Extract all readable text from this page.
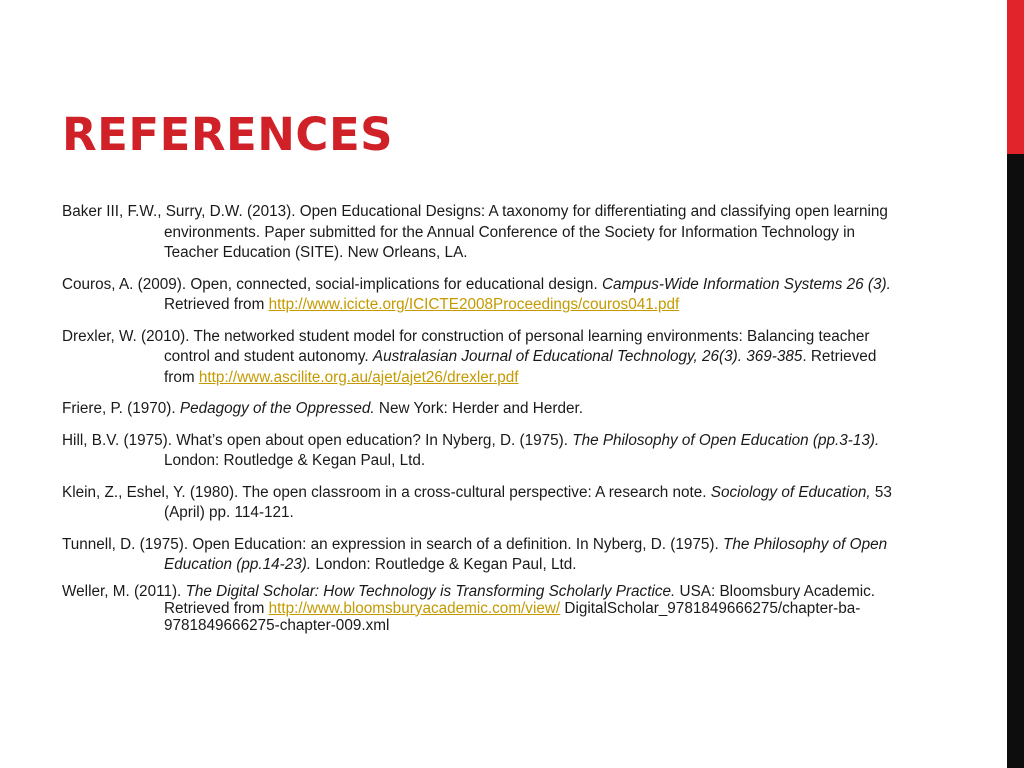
REFERENCES

Baker III, F.W., Surry, D.W. (2013). Open Educational Designs: A taxonomy for differentiating and classifying open learning environments. Paper submitted for the Annual Conference of the Society for Information Technology in Teacher Education (SITE). New Orleans, LA.

Couros, A. (2009). Open, connected, social-implications for educational design. Campus-Wide Information Systems 26 (3). Retrieved from http://www.icicte.org/ICICTE2008Proceedings/couros041.pdf

Drexler, W. (2010). The networked student model for construction of personal learning environments: Balancing teacher control and student autonomy. Australasian Journal of Educational Technology, 26(3). 369-385. Retrieved from http://www.ascilite.org.au/ajet/ajet26/drexler.pdf

Friere, P. (1970). Pedagogy of the Oppressed. New York: Herder and Herder.

Hill, B.V. (1975). What’s open about open education? In Nyberg, D. (1975). The Philosophy of Open Education (pp.3-13). London: Routledge & Kegan Paul, Ltd.

Klein, Z., Eshel, Y. (1980). The open classroom in a cross-cultural perspective: A research note. Sociology of Education, 53 (April) pp. 114-121.

Tunnell, D. (1975). Open Education: an expression in search of a definition. In Nyberg, D. (1975). The Philosophy of Open Education (pp.14-23). London: Routledge & Kegan Paul, Ltd.

Weller, M. (2011). The Digital Scholar: How Technology is Transforming Scholarly Practice. USA: Bloomsbury Academic. Retrieved from http://www.bloomsburyacademic.com/view/ DigitalScholar_9781849666275/chapter-ba-9781849666275-chapter-009.xml
